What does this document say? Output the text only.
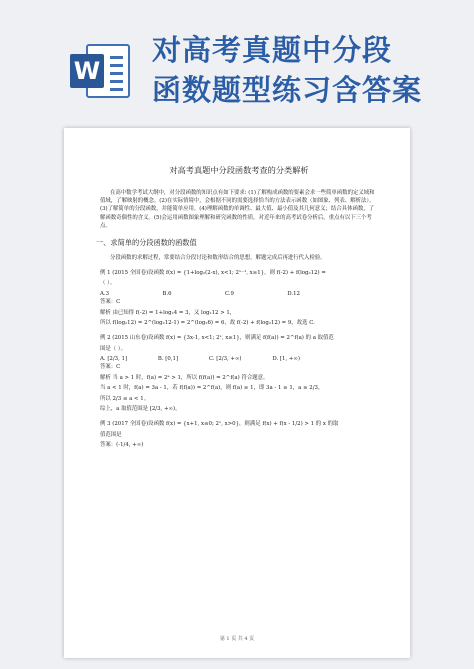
W
对高考真题中分段
函数题型练习含答案
对高考真题中分段函数考查的分类解析

在高中数学考试大纲中，对分段函数的知识点有如下要求: (1)了解构成函数的要素会求一些简单函数的定义域和值域，了解映射的概念。(2)在实际情境中，会根据不同的需要选择恰当的方法表示函数（如图象、列表、解析法）。(3)了解简单的分段函数，并能简单应用。(4)理解函数的单调性、最大值、最小值及其几何意义；结合具体函数，了解函数奇偶性的含义。(5)会运用函数图象理解和研究函数的性质。对近年来的高考试卷分析后，重点有以下三个考点。

一、求简单的分段函数的函数值

分段函数的求解过程，常要结合分段讨论和数形结合的思想，解题完成后再进行代入检验。

例 1 (2015 全国卷)设函数 f(x) = {1+log₂(2-x), x<1; 2ˣ⁻¹, x≥1}，则 f(-2) + f(log₂12) =

（ ）。

A.3	B.6	C.9	D.12

答案：C

解析 由已知得 f(-2) = 1+log₂4 = 3，又 log₂12 > 1，

所以 f(log₂12) = 2^(log₂12-1) = 2^(log₂6) = 6，故 f(-2) + f(log₂12) = 9，故选 C.

例 2 (2015 山东卷)设函数 f(x) = {3x-1, x<1; 2ˣ, x≥1}，则满足 f(f(a)) = 2^f(a) 的 a 取值范

围是（ ）。

A. [2/3, 1]	B. [0,1]	C. [2/3, +∞)	D. [1, +∞)

答案：C

解析 当 a > 1 时，f(a) = 2ᵃ > 1，所以 f(f(a)) = 2^f(a) 符合题意。

当 a < 1 时，f(a) = 3a - 1，若 f(f(a)) = 2^f(a)，则 f(a) ≥ 1，即 3a - 1 ≥ 1，a ≥ 2/3，

所以 2/3 ≤ a < 1。

综上，a 取值范围是 [2/3, +∞)。

例 3 (2017 全国卷)设函数 f(x) = {x+1, x≤0; 2ˣ, x>0}，则满足 f(x) + f(x - 1/2) > 1 的 x 的取

值范围是

答案：(-1/4, +∞)

第 1 页 共 4 页
